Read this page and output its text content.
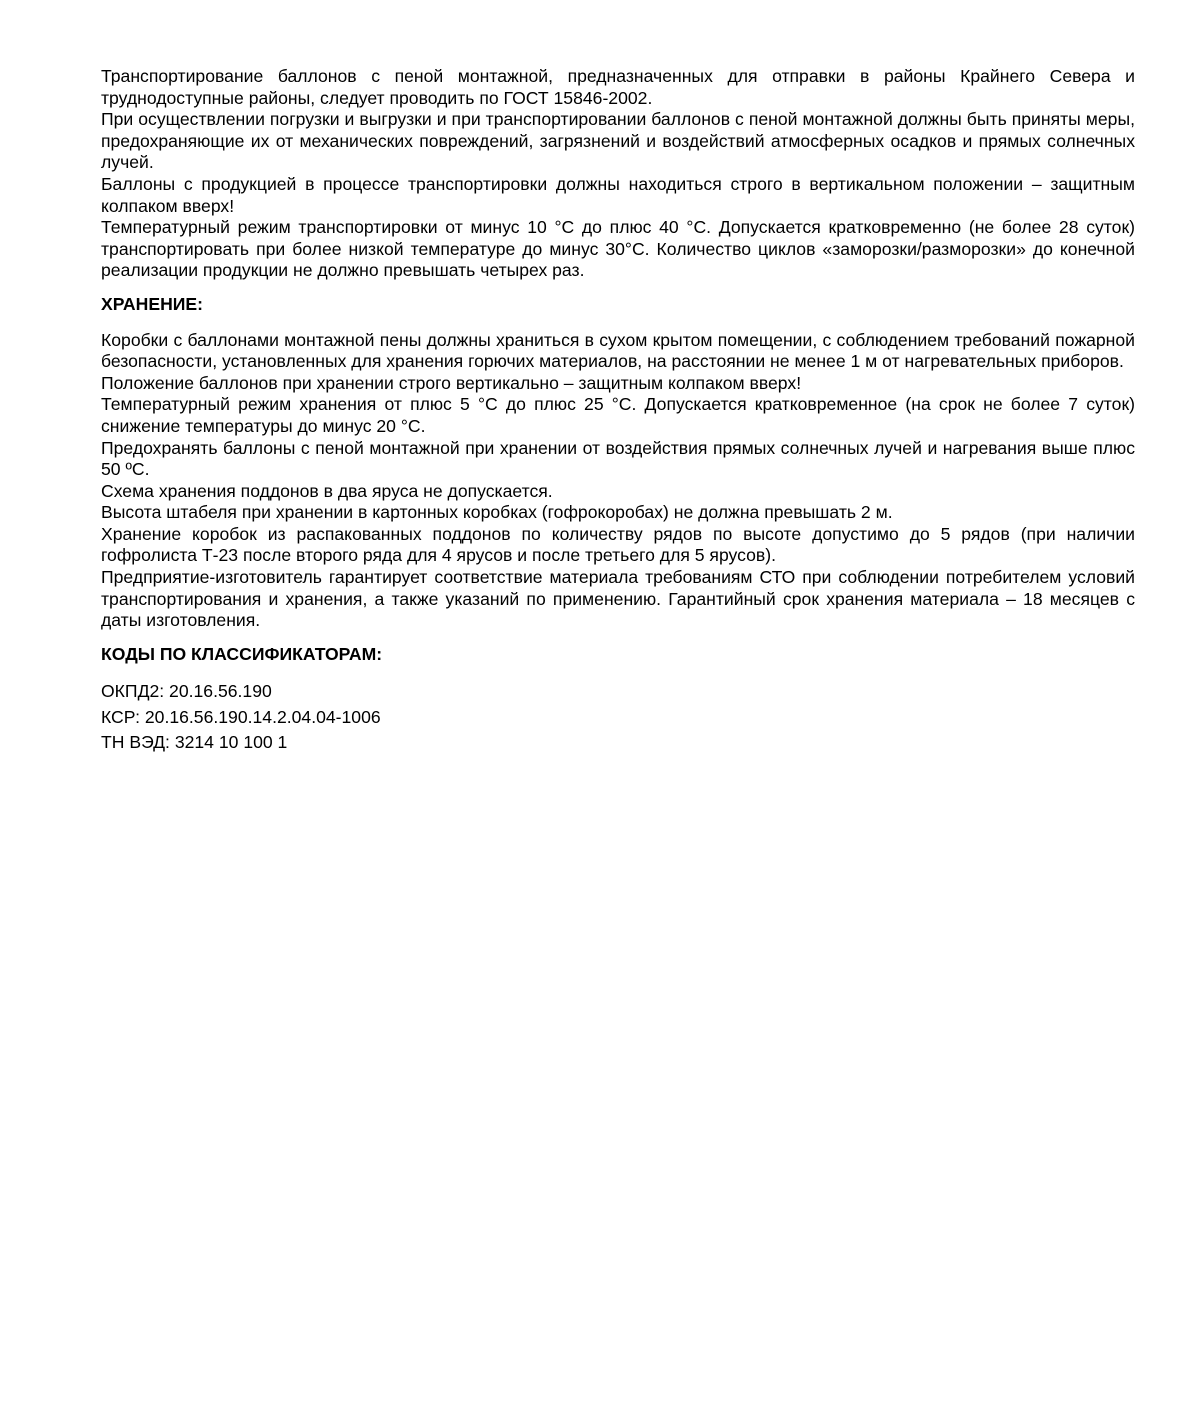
Транспортирование баллонов с пеной монтажной, предназначенных для отправки в районы Крайнего Севера и труднодоступные районы, следует проводить по ГОСТ 15846-2002.

При осуществлении погрузки и выгрузки и при транспортировании баллонов с пеной монтажной должны быть приняты меры, предохраняющие их от механических повреждений, загрязнений и воздействий атмосферных осадков и прямых солнечных лучей.

Баллоны с продукцией в процессе транспортировки должны находиться строго в вертикальном положении – защитным колпаком вверх!

Температурный режим транспортировки от минус 10 °С до плюс 40 °С. Допускается кратковременно (не более 28 суток) транспортировать при более низкой температуре до минус 30°С. Количество циклов «заморозки/разморозки» до конечной реализации продукции не должно превышать четырех раз.

ХРАНЕНИЕ:

Коробки с баллонами монтажной пены должны храниться в сухом крытом помещении, с соблюдением требований пожарной безопасности, установленных для хранения горючих материалов, на расстоянии не менее 1 м от нагревательных приборов.

Положение баллонов при хранении строго вертикально – защитным колпаком вверх!

Температурный режим хранения от плюс 5 °С до плюс 25 °С. Допускается кратковременное (на срок не более 7 суток) снижение температуры до минус 20 °С.

Предохранять баллоны с пеной монтажной при хранении от воздействия прямых солнечных лучей и нагревания выше плюс 50 ºС.

Схема хранения поддонов в два яруса не допускается.

Высота штабеля при хранении в картонных коробках (гофрокоробах) не должна превышать 2 м.

Хранение коробок из распакованных поддонов по количеству рядов по высоте допустимо до 5 рядов (при наличии гофролиста Т-23 после второго ряда для 4 ярусов и после третьего для 5 ярусов).

Предприятие-изготовитель гарантирует соответствие материала требованиям СТО при соблюдении потребителем условий транспортирования и хранения, а также указаний по применению. Гарантийный срок хранения материала – 18 месяцев с даты изготовления.

КОДЫ ПО КЛАССИФИКАТОРАМ:

ОКПД2: 20.16.56.190

КСР: 20.16.56.190.14.2.04.04-1006

ТН ВЭД: 3214 10 100 1
